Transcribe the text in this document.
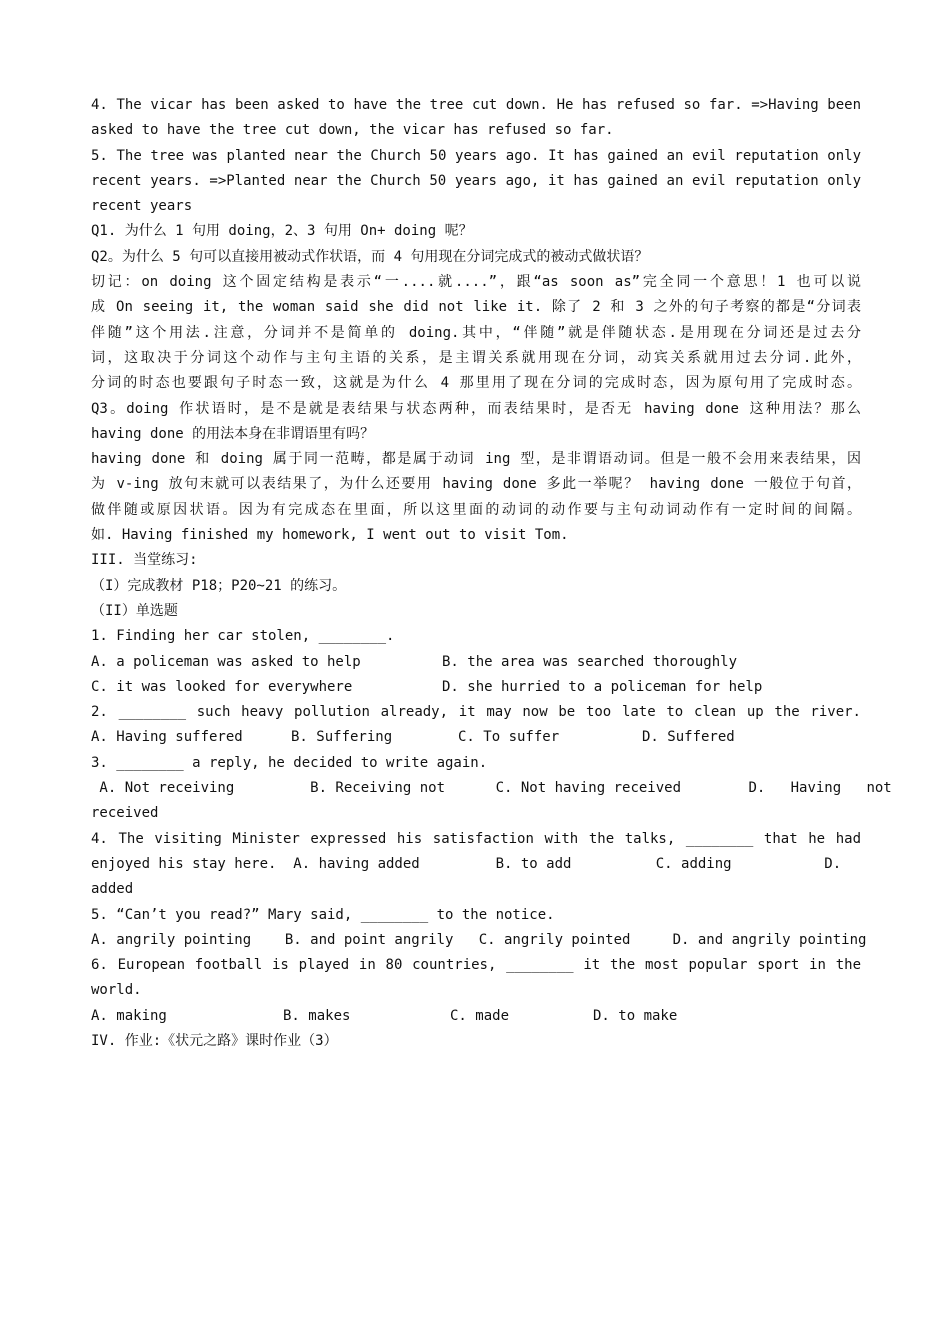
4. The vicar has been asked to have the tree cut down. He has refused so far. =>Having been
asked to have the tree cut down, the vicar has refused so far.
5. The tree was planted near the Church 50 years ago. It has gained an evil reputation only
recent years. =>Planted near the Church 50 years ago, it has gained an evil reputation only
recent years
Q1. 为什么 1 句用 doing，2、3 句用 On+ doing 呢？
Q2。为什么 5 句可以直接用被动式作状语，而 4 句用现在分词完成式的被动式做状语？
切记：on doing 这个固定结构是表示“一....就....”，跟“as soon as”完全同一个意思！1 也可以说
成 On seeing it, the woman said she did not like it. 除了 2 和 3 之外的句子考察的都是“分词表
伴随”这个用法.注意，分词并不是简单的 doing.其中，“伴随”就是伴随状态.是用现在分词还是过去分
词，这取决于分词这个动作与主句主语的关系，是主谓关系就用现在分词，动宾关系就用过去分词.此外，
分词的时态也要跟句子时态一致，这就是为什么 4 那里用了现在分词的完成时态，因为原句用了完成时态。
Q3。doing 作状语时，是不是就是表结果与状态两种，而表结果时，是否无 having done 这种用法？那么
having done 的用法本身在非谓语里有吗？
having done 和 doing 属于同一范畴，都是属于动词 ing 型，是非谓语动词。但是一般不会用来表结果，因
为 v-ing 放句末就可以表结果了，为什么还要用 having done 多此一举呢？ having done 一般位于句首，
做伴随或原因状语。因为有完成态在里面，所以这里面的动词的动作要与主句动词动作有一定时间的间隔。
如. Having finished my homework, I went out to visit Tom.
III. 当堂练习:
（I）完成教材 P18；P20~21 的练习。
（II）单选题
1. Finding her car stolen, ________.
A. a policeman was asked to help	B. the area was searched thoroughly
C. it was looked for everywhere	D. she hurried to a policeman for help
2. ________ such heavy pollution already, it may now be too late to clean up the river.
A. Having suffered	B. Suffering	C. To suffer	D. Suffered
3. ________ a reply, he decided to write again.
A. Not receiving         B. Receiving not      C. Not having received        D.   Having   not
received
4. The visiting Minister expressed his satisfaction with the talks, ________ that he had
enjoyed his stay here.  A. having added         B. to add          C. adding           D.
added
5. “Can’t you read?” Mary said, ________ to the notice.
A. angrily pointing    B. and point angrily   C. angrily pointed     D. and angrily pointing
6. European football is played in 80 countries, ________ it the most popular sport in the
world.
A. making	B. makes	C. made	D. to make
IV. 作业:《状元之路》课时作业（3）
